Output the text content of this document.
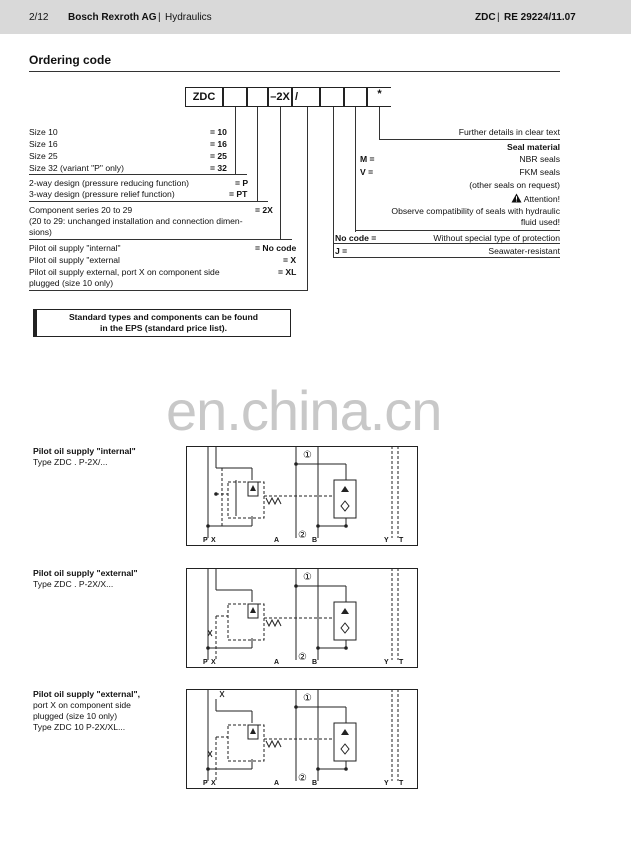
2/12 Bosch Rexroth AG | Hydraulics	ZDC | RE 29224/11.07
Ordering code
ZDC	–2X /	*
Size 10	= 10
Size 16	= 16
Size 25	= 25
Size 32 (variant "P" only)	= 32
2-way design (pressure reducing function)	= P
3-way design (pressure relief function)	= PT
Component series 20 to 29	= 2X
(20 to 29: unchanged installation and connection dimen-
sions)
Pilot oil supply "internal"	= No code
Pilot oil supply "external	= X
Pilot oil supply external, port X on component side	= XL
plugged (size 10 only)
Further details in clear text
Seal material
M =	NBR seals
V =	FKM seals
(other seals on request)
Attention!
Observe compatibility of seals with hydraulic
fluid used!
No code =	Without special type of protection
J =	Seawater-resistant
Standard types and components can be found
in the EPS (standard price list).
en.china.cn
Pilot oil supply "internal"
Type ZDC . P-2X/...
Pilot oil supply "external"
Type ZDC . P-2X/X...
Pilot oil supply "external",
port X on component side
plugged (size 10 only)
Type ZDC 10 P-2X/XL...
①
②
P X	A	B	Y T
①
②
P X	A	B	Y T
①
②
P X	A	B	Y T
